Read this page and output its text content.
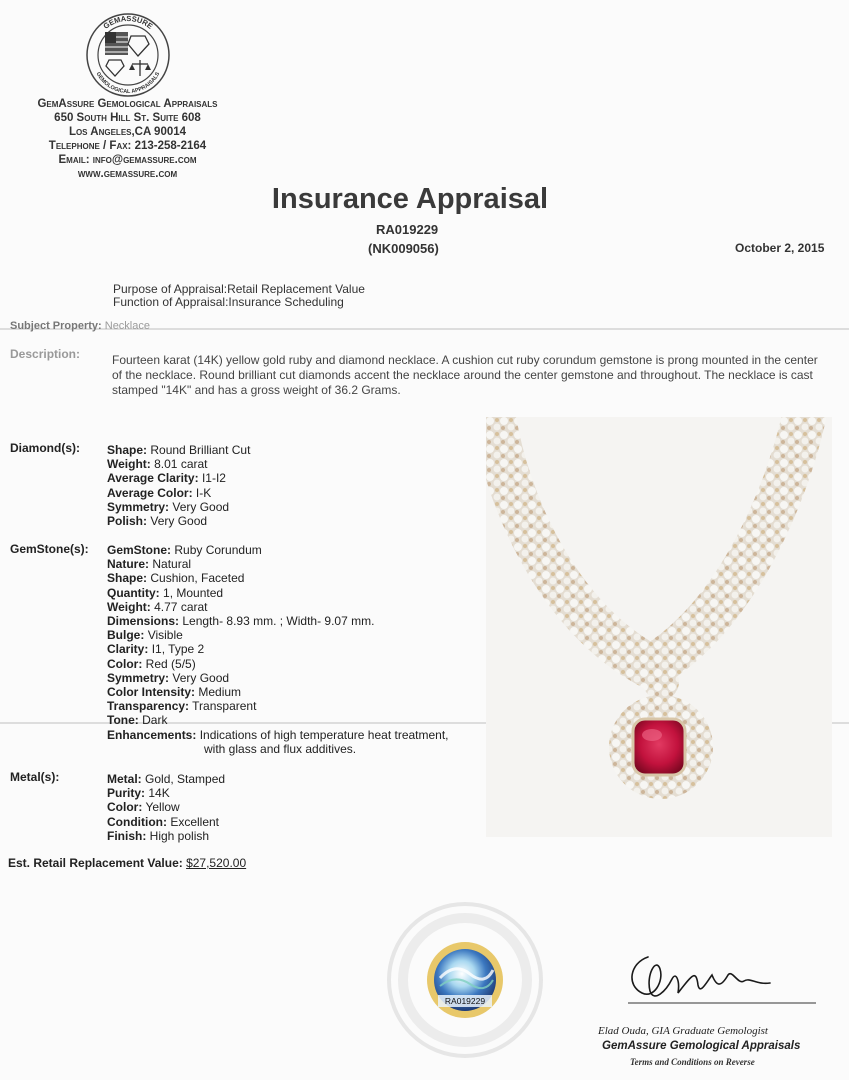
GEMASSURE
GEMOLOGICAL APPRAISALS
GemAssure Gemological Appraisals
650 South Hill St. Suite 608
Los Angeles,CA 90014
Telephone / Fax: 213-258-2164
Email: info@gemassure.com
www.gemassure.com
Insurance Appraisal
RA019229
(NK009056)	October 2, 2015
Purpose of Appraisal:Retail Replacement Value
Function of Appraisal:Insurance Scheduling
Subject Property: Necklace
Description:	Fourteen karat (14K) yellow gold ruby and diamond necklace. A cushion cut ruby corundum gemstone is prong mounted in the center of the necklace. Round brilliant cut diamonds accent the necklace around the center gemstone and throughout. The necklace is cast stamped "14K" and has a gross weight of 36.2 Grams.
Diamond(s): Shape: Round Brilliant Cut
Weight: 8.01 carat
Average Clarity: I1-I2
Average Color: I-K
Symmetry: Very Good
Polish: Very Good
GemStone(s): GemStone: Ruby Corundum
Nature: Natural
Shape: Cushion, Faceted
Quantity: 1, Mounted
Weight: 4.77 carat
Dimensions: Length- 8.93 mm. ; Width- 9.07 mm.
Bulge: Visible
Clarity: I1, Type 2
Color: Red (5/5)
Symmetry: Very Good
Color Intensity: Medium
Transparency: Transparent
Tone: Dark
Enhancements: Indications of high temperature heat treatment,
with glass and flux additives.
Metal(s):	Metal: Gold, Stamped
Purity: 14K
Color: Yellow
Condition: Excellent
Finish: High polish
Est. Retail Replacement Value: $27,520.00
RA019229
Elad Ouda, GIA Graduate Gemologist
GemAssure Gemological Appraisals
Terms and Conditions on Reverse
